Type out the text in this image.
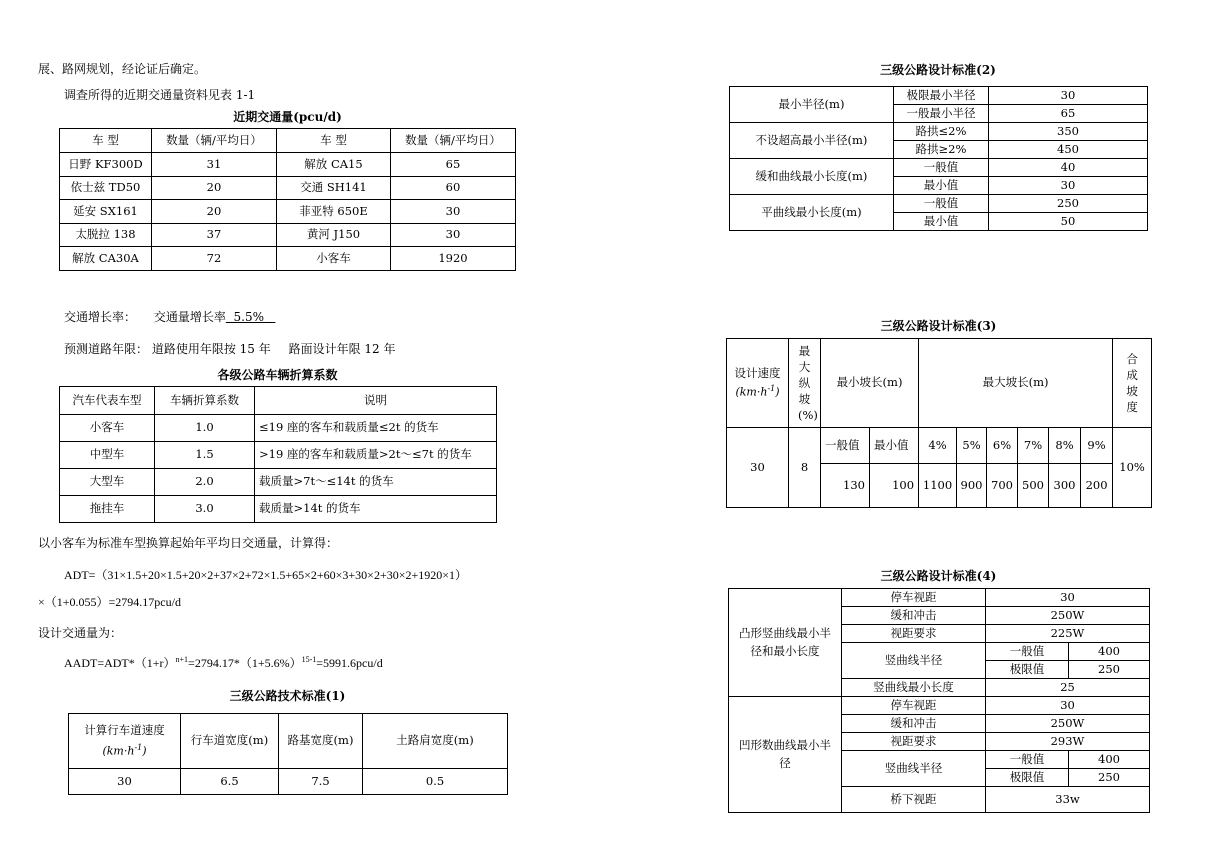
展、路网规划，经论证后确定。
调查所得的近期交通量资料见表 1-1
近期交通量(pcu/d)
车 型	数量（辆/平均日）	车 型	数量（辆/平均日）
日野 KF300D	31	解放 CA15	65
依士兹 TD50	20	交通 SH141	60
延安 SX161	20	菲亚特 650E	30
太脱拉 138	37	黄河 J150	30
解放 CA30A	72	小客车	1920
交通增长率： 交通量增长率  5.5%
预测道路年限： 道路使用年限按 15 年 路面设计年限 12 年
各级公路车辆折算系数
汽车代表车型	车辆折算系数	说明
小客车	1.0	≤19 座的客车和载质量≤2t 的货车
中型车	1.5	>19 座的客车和载质量>2t～≤7t 的货车
大型车	2.0	载质量>7t～≤14t 的货车
拖挂车	3.0	载质量>14t 的货车
以小客车为标准车型换算起始年平均日交通量，计算得：
ADT=（31×1.5+20×1.5+20×2+37×2+72×1.5+65×2+60×3+30×2+30×2+1920×1）
×（1+0.055）=2794.17pcu/d
设计交通量为：
$AADT=ADT*(1+r)^{n+1}=2794.17*(1+5.6\%)^{15-1}=5991.6pcu/d$
三级公路技术标准(1)
计算行车道速度
$(km\cdot h^{-1})$	行车道宽度(m)	路基宽度(m)	土路肩宽度(m)
30	6.5	7.5	0.5
三级公路设计标准(2)
最小半径(m)	极限最小半径	30
	一般最小半径	65
不设超高最小半径(m)	路拱≤2%	350
	路拱≥2%	450
缓和曲线最小长度(m)	一般值	40
	最小值	30
平曲线最小长度(m)	一般值	250
	最小值	50
三级公路设计标准(3)
设计速度
$(km\cdot h^{-1})$	最大纵坡(%)	最小坡长(m)		最大坡长(m)						合成坡度
30	8	一般值	最小值	4%	5%	6%	7%	8%	9%	10%
		130	100	1100	900	700	500	300	200	
三级公路设计标准(4)
凸形竖曲线最小半径和最小长度	停车视距	30	
	缓和冲击	250W	
	视距要求	225W	
	竖曲线半径	一般值	400
		极限值	250
	竖曲线最小长度	25	
凹形数曲线最小半径	停车视距	30	
	缓和冲击	250W	
	视距要求	293W	
	竖曲线半径	一般值	400
		极限值	250
	桥下视距	33w	
